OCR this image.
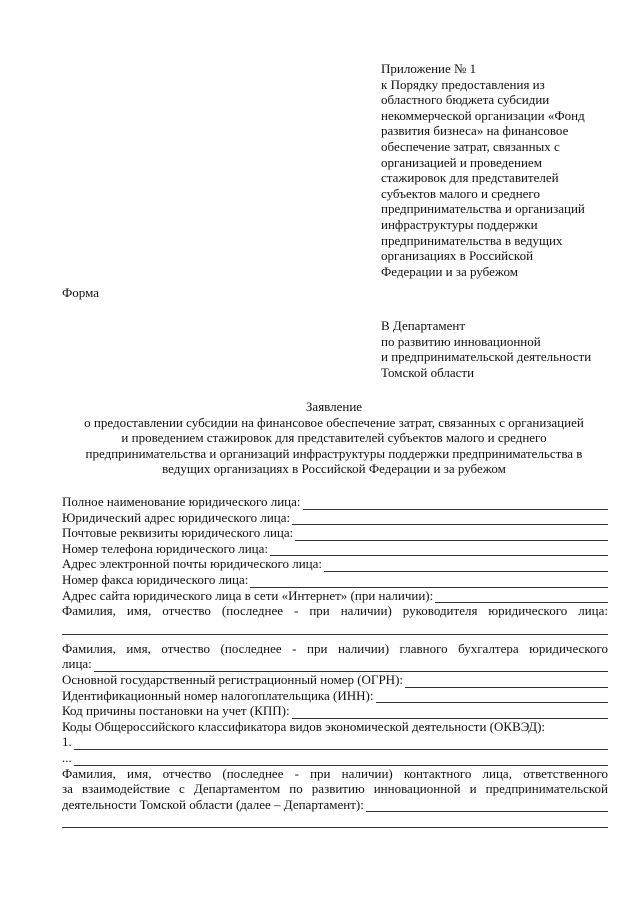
Приложение № 1
к Порядку предоставления из
областного бюджета субсидии
некоммерческой организации «Фонд
развития бизнеса» на финансовое
обеспечение затрат, связанных с
организацией и проведением
стажировок для представителей
субъектов малого и среднего
предпринимательства и организаций
инфраструктуры поддержки
предпринимательства в ведущих
организациях в Российской
Федерации и за рубежом
Форма
В Департамент
по развитию инновационной
и предпринимательской деятельности
Томской области
Заявление
о предоставлении субсидии на финансовое обеспечение затрат, связанных с организацией
и проведением стажировок для представителей субъектов малого и среднего
предпринимательства и организаций инфраструктуры поддержки предпринимательства в
ведущих организациях в Российской Федерации и за рубежом
Полное наименование юридического лица:
Юридический адрес юридического лица:
Почтовые реквизиты юридического лица:
Номер телефона юридического лица:
Адрес электронной почты юридического лица:
Номер факса юридического лица:
Адрес сайта юридического лица в сети «Интернет» (при наличии):
Фамилия, имя, отчество (последнее - при наличии) руководителя юридического лица:
Фамилия, имя, отчество (последнее - при наличии) главного бухгалтера юридического
лица:
Основной государственный регистрационный номер (ОГРН):
Идентификационный номер налогоплательщика (ИНН):
Код причины постановки на учет (КПП):
Коды Общероссийского классификатора видов экономической деятельности (ОКВЭД):
1.
...
Фамилия, имя, отчество (последнее - при наличии) контактного лица, ответственного
за взаимодействие с Департаментом по развитию инновационной и предпринимательской
деятельности Томской области (далее – Департамент):
